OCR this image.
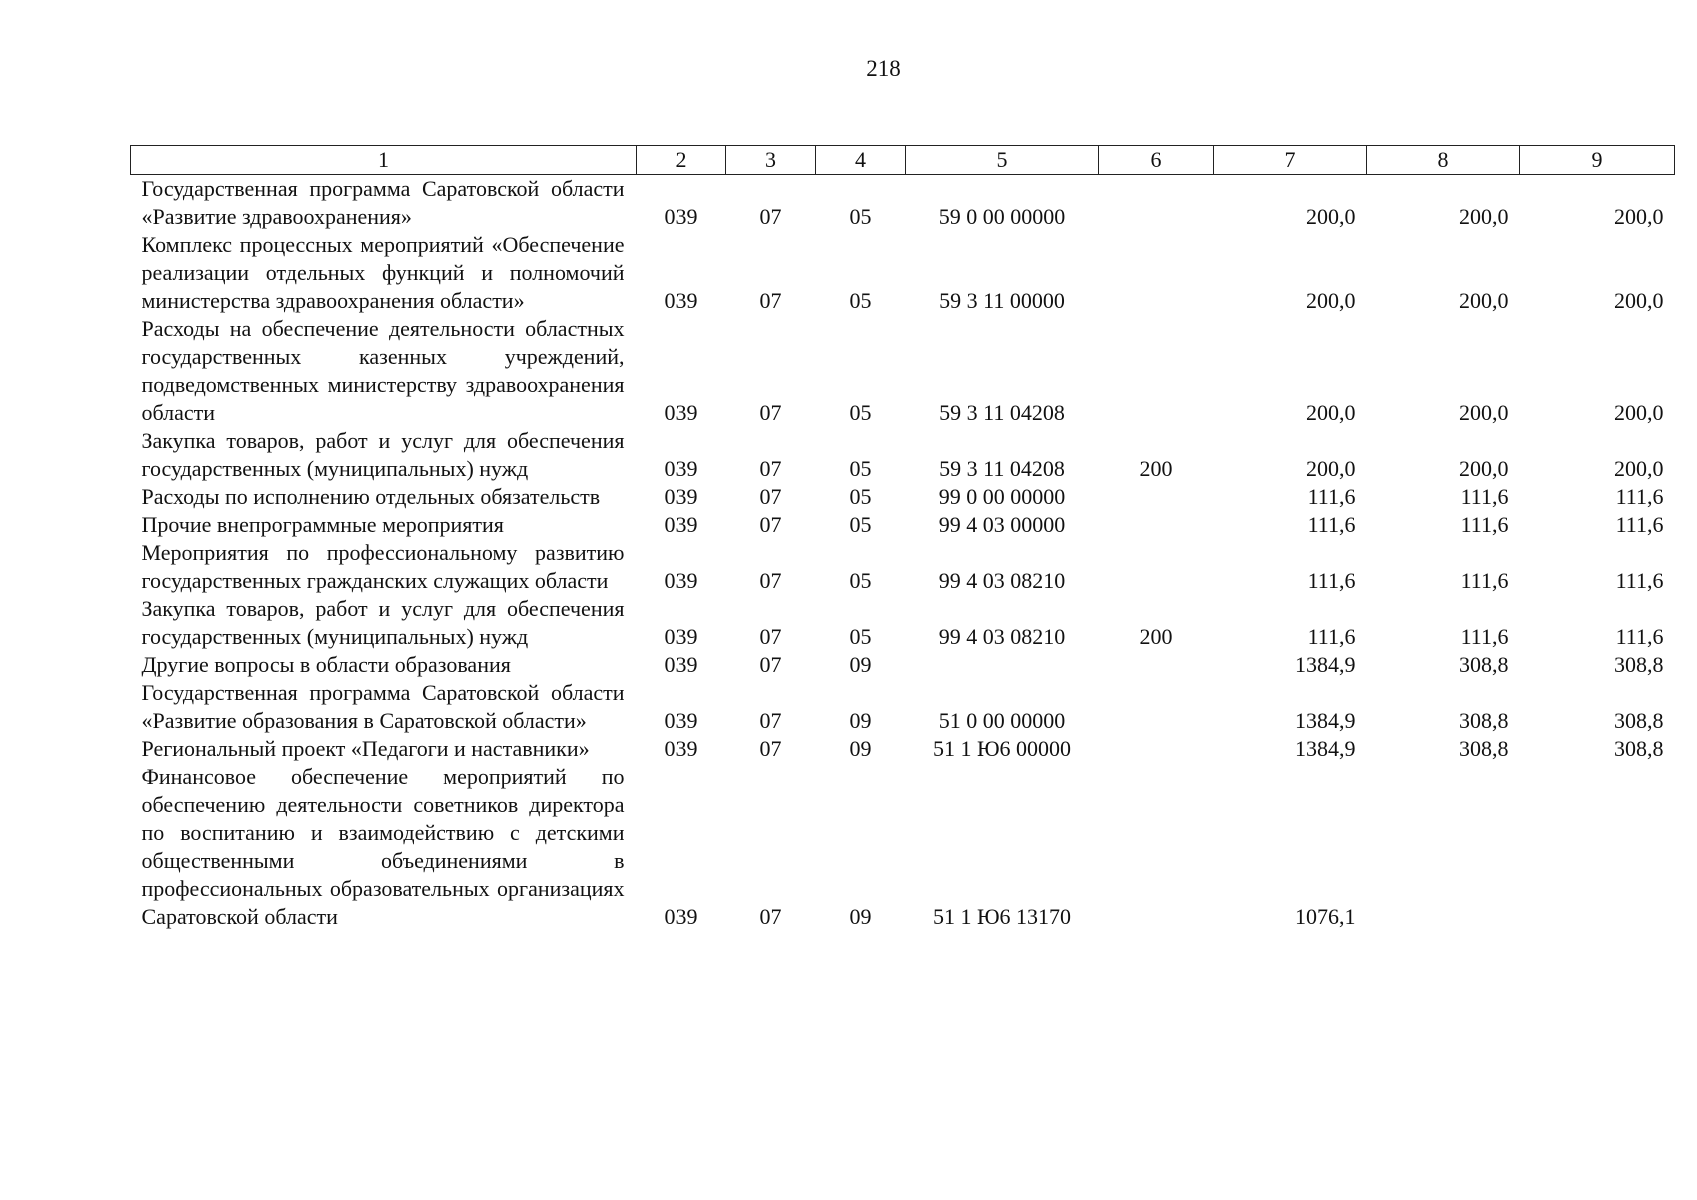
218
1	2	3	4	5	6	7	8	9
Государственная программа Саратовской области «Развитие здравоохранения»	039	07	05	59 0 00 00000		200,0	200,0	200,0
Комплекс процессных мероприятий «Обеспечение реализации отдельных функций и полномочий министерства здравоохранения области»	039	07	05	59 3 11 00000		200,0	200,0	200,0
Расходы на обеспечение деятельности областных государственных казенных учреждений, подведомственных министерству здравоохранения области	039	07	05	59 3 11 04208		200,0	200,0	200,0
Закупка товаров, работ и услуг для обеспечения государственных (муниципальных) нужд	039	07	05	59 3 11 04208	200	200,0	200,0	200,0
Расходы по исполнению отдельных обязательств	039	07	05	99 0 00 00000		111,6	111,6	111,6
Прочие внепрограммные мероприятия	039	07	05	99 4 03 00000		111,6	111,6	111,6
Мероприятия по профессиональному развитию государственных гражданских служащих области	039	07	05	99 4 03 08210		111,6	111,6	111,6
Закупка товаров, работ и услуг для обеспечения государственных (муниципальных) нужд	039	07	05	99 4 03 08210	200	111,6	111,6	111,6
Другие вопросы в области образования	039	07	09			1384,9	308,8	308,8
Государственная программа Саратовской области «Развитие образования в Саратовской области»	039	07	09	51 0 00 00000		1384,9	308,8	308,8
Региональный проект «Педагоги и наставники»	039	07	09	51 1 Ю6 00000		1384,9	308,8	308,8
Финансовое обеспечение мероприятий по обеспечению деятельности советников директора по воспитанию и взаимодействию с детскими общественными объединениями в профессиональных образовательных организациях Саратовской области	039	07	09	51 1 Ю6 13170		1076,1		
